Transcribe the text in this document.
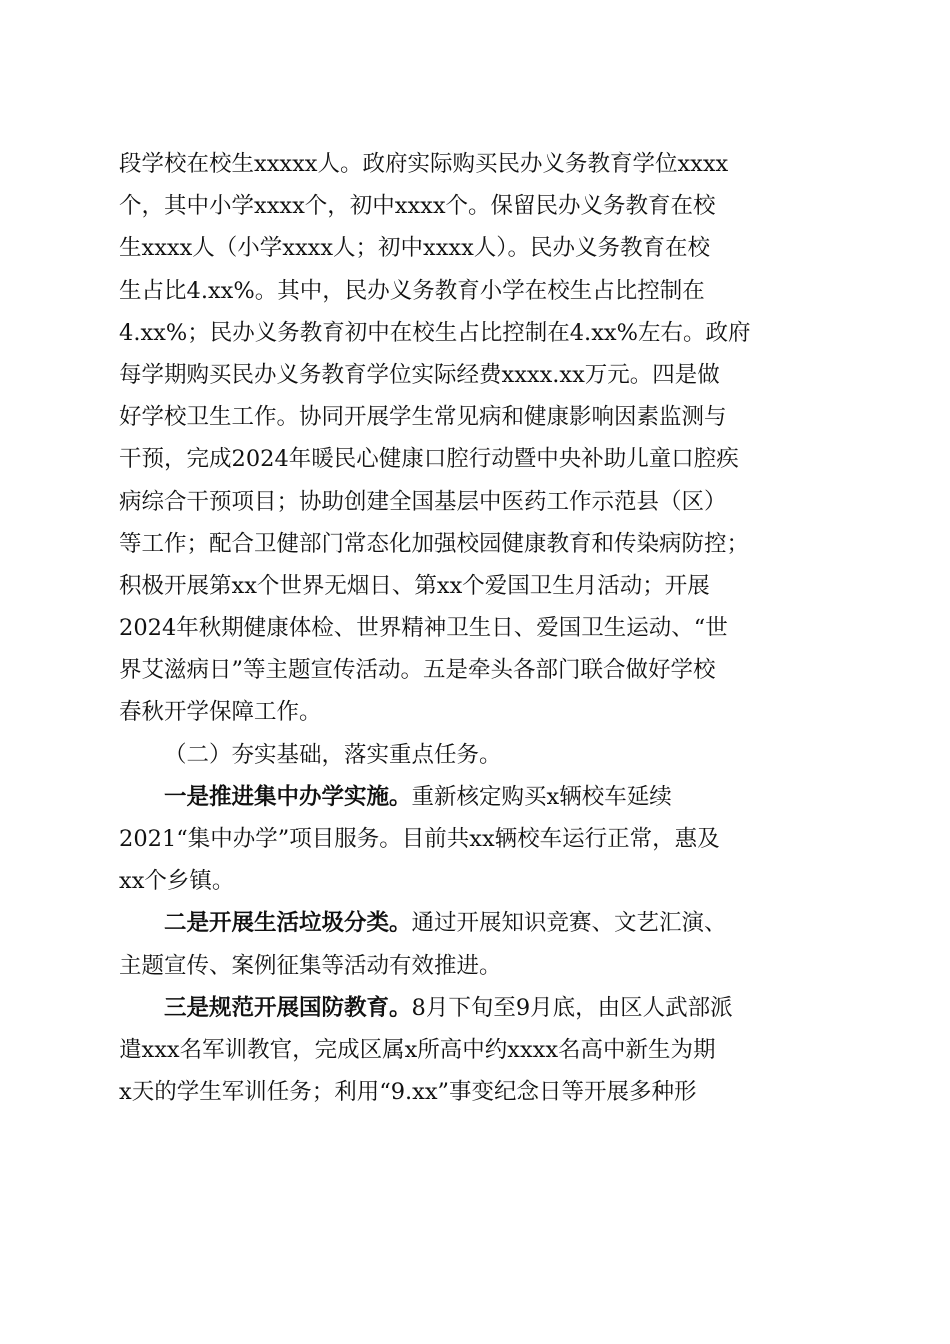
段学校在校生xxxxx人。政府实际购买民办义务教育学位xxxx
个，其中小学xxxx个，初中xxxx个。保留民办义务教育在校
生xxxx人（小学xxxx人；初中xxxx人）。民办义务教育在校
生占比4.xx%。其中，民办义务教育小学在校生占比控制在
4.xx%；民办义务教育初中在校生占比控制在4.xx%左右。政府
每学期购买民办义务教育学位实际经费xxxx.xx万元。四是做
好学校卫生工作。协同开展学生常见病和健康影响因素监测与
干预，完成2024年暖民心健康口腔行动暨中央补助儿童口腔疾
病综合干预项目；协助创建全国基层中医药工作示范县（区）
等工作；配合卫健部门常态化加强校园健康教育和传染病防控；
积极开展第xx个世界无烟日、第xx个爱国卫生月活动；开展
2024年秋期健康体检、世界精神卫生日、爱国卫生运动、“世
界艾滋病日”等主题宣传活动。五是牵头各部门联合做好学校
春秋开学保障工作。
（二）夯实基础，落实重点任务。
一是推进集中办学实施。 重新核定购买x辆校车延续
2021“集中办学”项目服务。目前共xx辆校车运行正常，惠及
xx个乡镇。
二是开展生活垃圾分类。 通过开展知识竞赛、文艺汇演、
主题宣传、案例征集等活动有效推进。
三是规范开展国防教育。 8月下旬至9月底，由区人武部派
遣xxx名军训教官，完成区属x所高中约xxxx名高中新生为期
x天的学生军训任务；利用“9.xx”事变纪念日等开展多种形
